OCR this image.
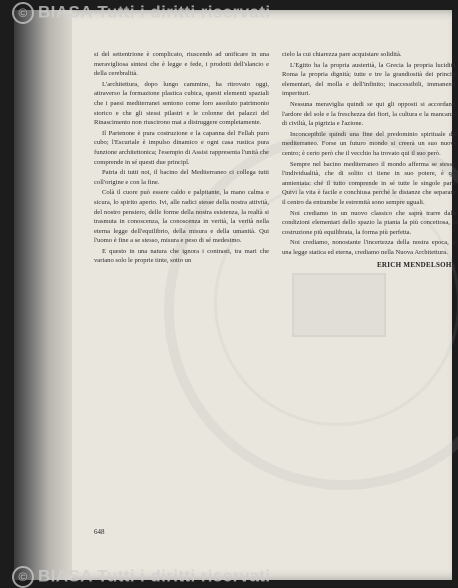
si del settentrione è complicato, riuscendo ad unificare in una meravigliosa sintesi che è legge e fede, i prodotti dell'slancio e della cerebralità.

L'architettura, dopo lungo cammino, ha ritrovato oggi, attraverso la formazione plastica cubica, questi elementi spaziali che i paesi mediterranei sentono come loro assoluto patrimonio storico e che gli stessi pilastri e le colonne dei palazzi del Rinascimento non riuscirono mai a distruggere completamente.

Il Partenone è pura costruzione e la capanna del Fellah puro cubo; l'Escuriale è impulso dinamico e ogni casa rustica pura funzione architettonica; l'esempio di Assisi rappresenta l'unità che comprende in sé questi due principî.

Patria di tutti noi, il bacino del Mediterraneo ci collega tutti coll'origine e con la fine.

Colà il cuore può essere caldo e palpitante, la mano calma e sicura, lo spirito aperto. Ivi, alle radici stesse della nostra attività, del nostro pensiero, delle forme della nostra esistenza, la realtà si trasmuta in conoscenza, la conoscenza in verità, la verità nella eterna legge dell'equilibrio, della misura e della umanità. Qui l'uomo è fine a se stesso, misura e peso di sé medesimo.

E questo in una natura che ignora i contrasti, tra mari che variano solo le proprie tinte, sotto un

cielo la cui chiarezza pare acquistare solidità.

L'Egitto ha la propria austerità, la Grecia la propria lucidità, Roma la propria dignità; tutte e tre la grandiosità dei principî elementari, del molla e dell'infinito; inaccessibili, immanenti, imperituri.

Nessuna meraviglia quindi se qui gli opposti si accordano: l'ardore del sole e la freschezza dei fiori, la cultura e la mancanza di civiltà, la pigrizia e l'azione.

Inconcepibile quindi una fine del predominio spirituale del mediterraneo. Forse un futuro mondo si creerà un suo nuovo centro; è certo però che il vecchio ha trovato qui il suo però.

Sempre nel bacino mediterraneo il mondo afferma se stesso, l'individualità, che di solito ci tiene in suo potere, è qui annientata: ché il tutto comprende in sé tutte le singole parti. Quivi la vita è facile e conchiusa perché le distanze che separano il centro da entrambe le estremità sono sempre uguali.

Noi crediamo in un nuovo classico che saprà trarre dalle condizioni elementari dello spazio la pianta la più concettosa, la costruzione più equilibrata, la forma più perfetta.

Noi crediamo, nonostante l'incertezza della nostra epoca, in una legge statica ed eterna, crediamo nella Nuova Architettura.

ERICH MENDELSOHN
648
© BIASA Tutti i diritti riservati
© BIASA Tutti i diritti riservati
